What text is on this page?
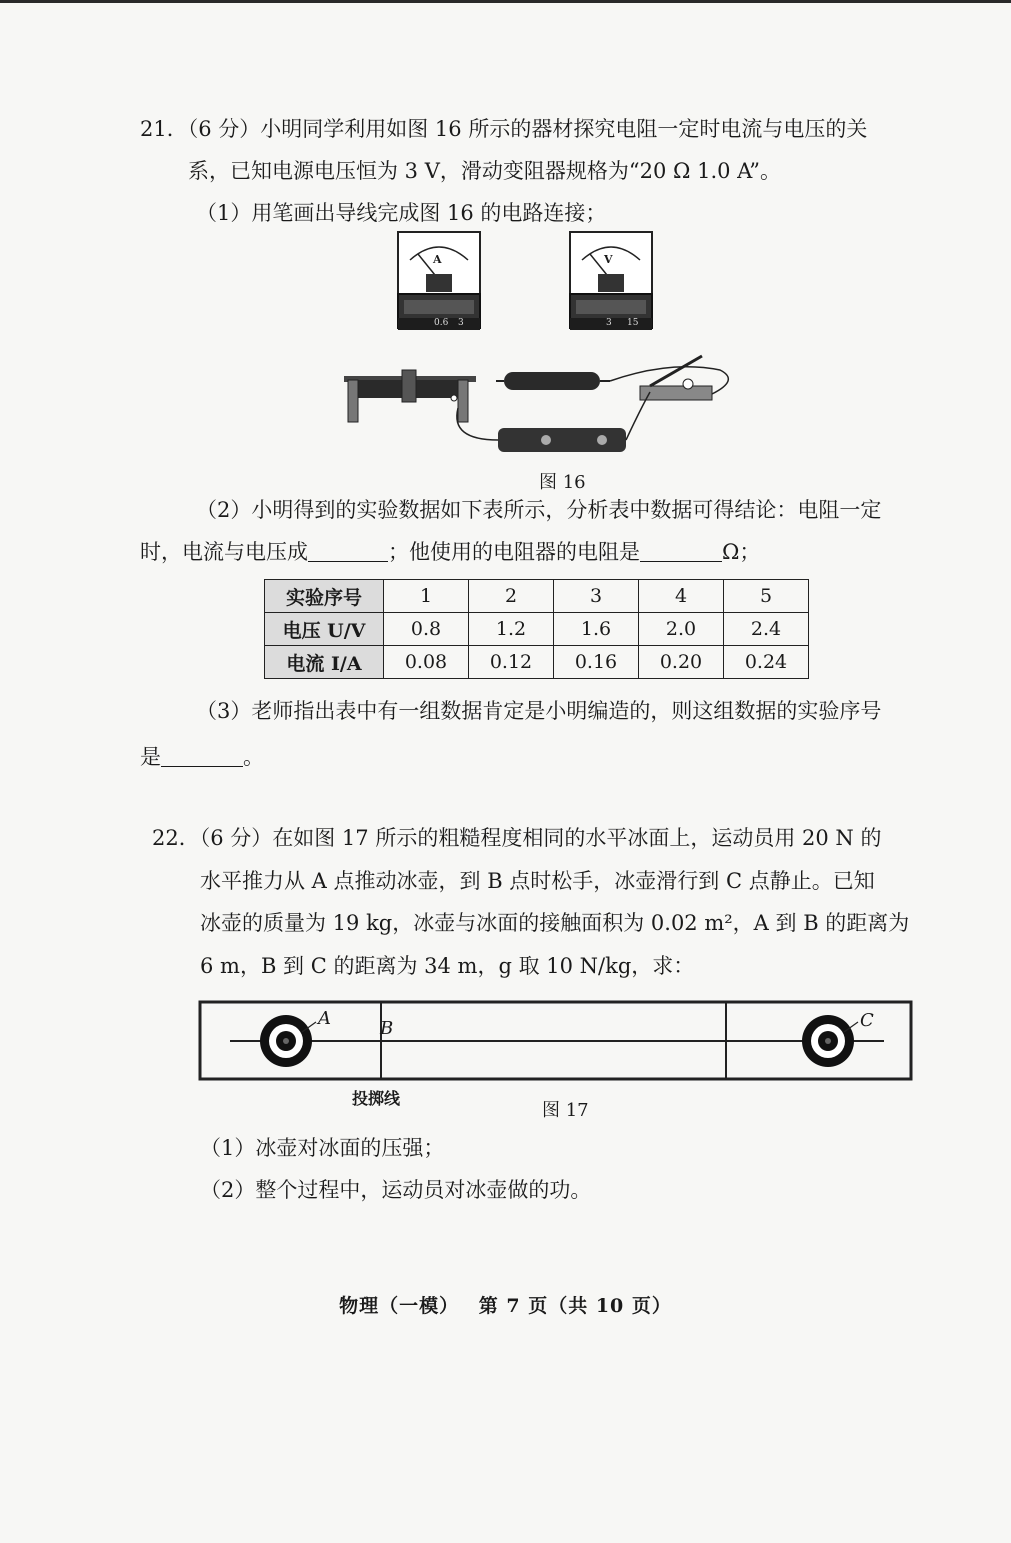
21．（6 分）小明同学利用如图 16 所示的器材探究电阻一定时电流与电压的关
系，已知电源电压恒为 3 V，滑动变阻器规格为“20 Ω 1.0 A”。
（1）用笔画出导线完成图 16 的电路连接；
A
0.6 3
V
3 15
图 16
（2）小明得到的实验数据如下表所示，分析表中数据可得结论：电阻一定
时，电流与电压成	；他使用的电阻器的电阻是	Ω；
实验序号	1	2	3	4	5
电压 U/V	0.8	1.2	1.6	2.0	2.4
电流 I/A	0.08	0.12	0.16	0.20	0.24
（3）老师指出表中有一组数据肯定是小明编造的，则这组数据的实验序号
是	。
22．（6 分）在如图 17 所示的粗糙程度相同的水平冰面上，运动员用 20 N 的
水平推力从 A 点推动冰壶，到 B 点时松手，冰壶滑行到 C 点静止。已知
冰壶的质量为 19 kg，冰壶与冰面的接触面积为 0.02 m²，A 到 B 的距离为
6 m，B 到 C 的距离为 34 m，g 取 10 N/kg，求：
A	B	C
投掷线
图 17
（1）冰壶对冰面的压强；
（2）整个过程中，运动员对冰壶做的功。
物理（一模） 第 7 页（共 10 页）
